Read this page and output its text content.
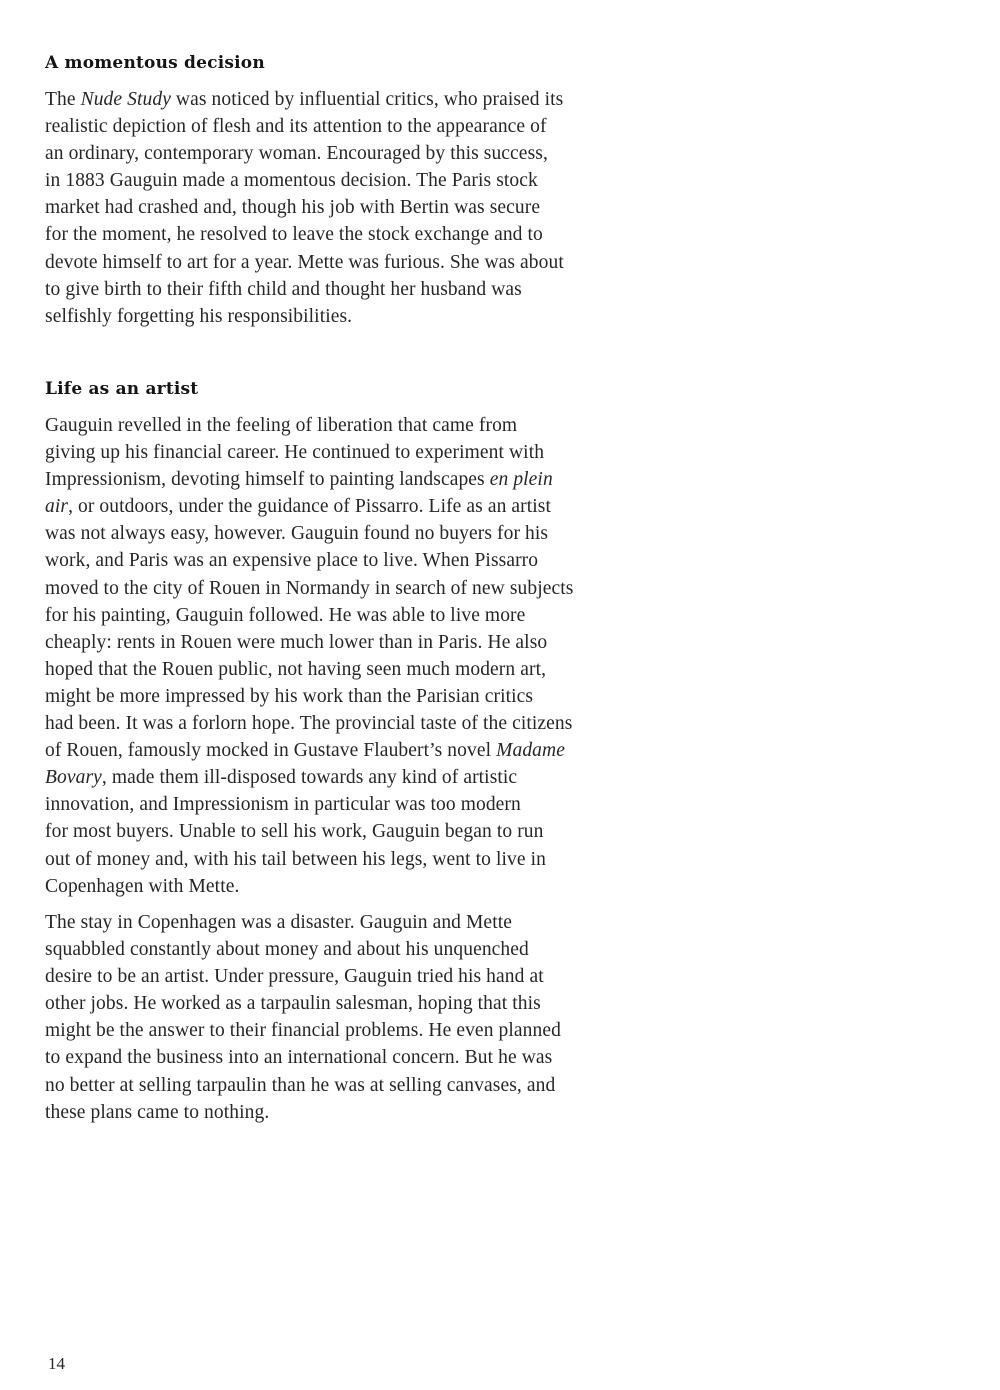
A momentous decision

The Nude Study was noticed by influential critics, who praised its
realistic depiction of flesh and its attention to the appearance of
an ordinary, contemporary woman. Encouraged by this success,
in 1883 Gauguin made a momentous decision. The Paris stock
market had crashed and, though his job with Bertin was secure
for the moment, he resolved to leave the stock exchange and to
devote himself to art for a year. Mette was furious. She was about
to give birth to their fifth child and thought her husband was
selfishly forgetting his responsibilities.

Life as an artist

Gauguin revelled in the feeling of liberation that came from
giving up his financial career. He continued to experiment with
Impressionism, devoting himself to painting landscapes en plein
air, or outdoors, under the guidance of Pissarro. Life as an artist
was not always easy, however. Gauguin found no buyers for his
work, and Paris was an expensive place to live. When Pissarro
moved to the city of Rouen in Normandy in search of new subjects
for his painting, Gauguin followed. He was able to live more
cheaply: rents in Rouen were much lower than in Paris. He also
hoped that the Rouen public, not having seen much modern art,
might be more impressed by his work than the Parisian critics
had been. It was a forlorn hope. The provincial taste of the citizens
of Rouen, famously mocked in Gustave Flaubert’s novel Madame
Bovary, made them ill-disposed towards any kind of artistic
innovation, and Impressionism in particular was too modern
for most buyers. Unable to sell his work, Gauguin began to run
out of money and, with his tail between his legs, went to live in
Copenhagen with Mette.

The stay in Copenhagen was a disaster. Gauguin and Mette
squabbled constantly about money and about his unquenched
desire to be an artist. Under pressure, Gauguin tried his hand at
other jobs. He worked as a tarpaulin salesman, hoping that this
might be the answer to their financial problems. He even planned
to expand the business into an international concern. But he was
no better at selling tarpaulin than he was at selling canvases, and
these plans came to nothing.

14
